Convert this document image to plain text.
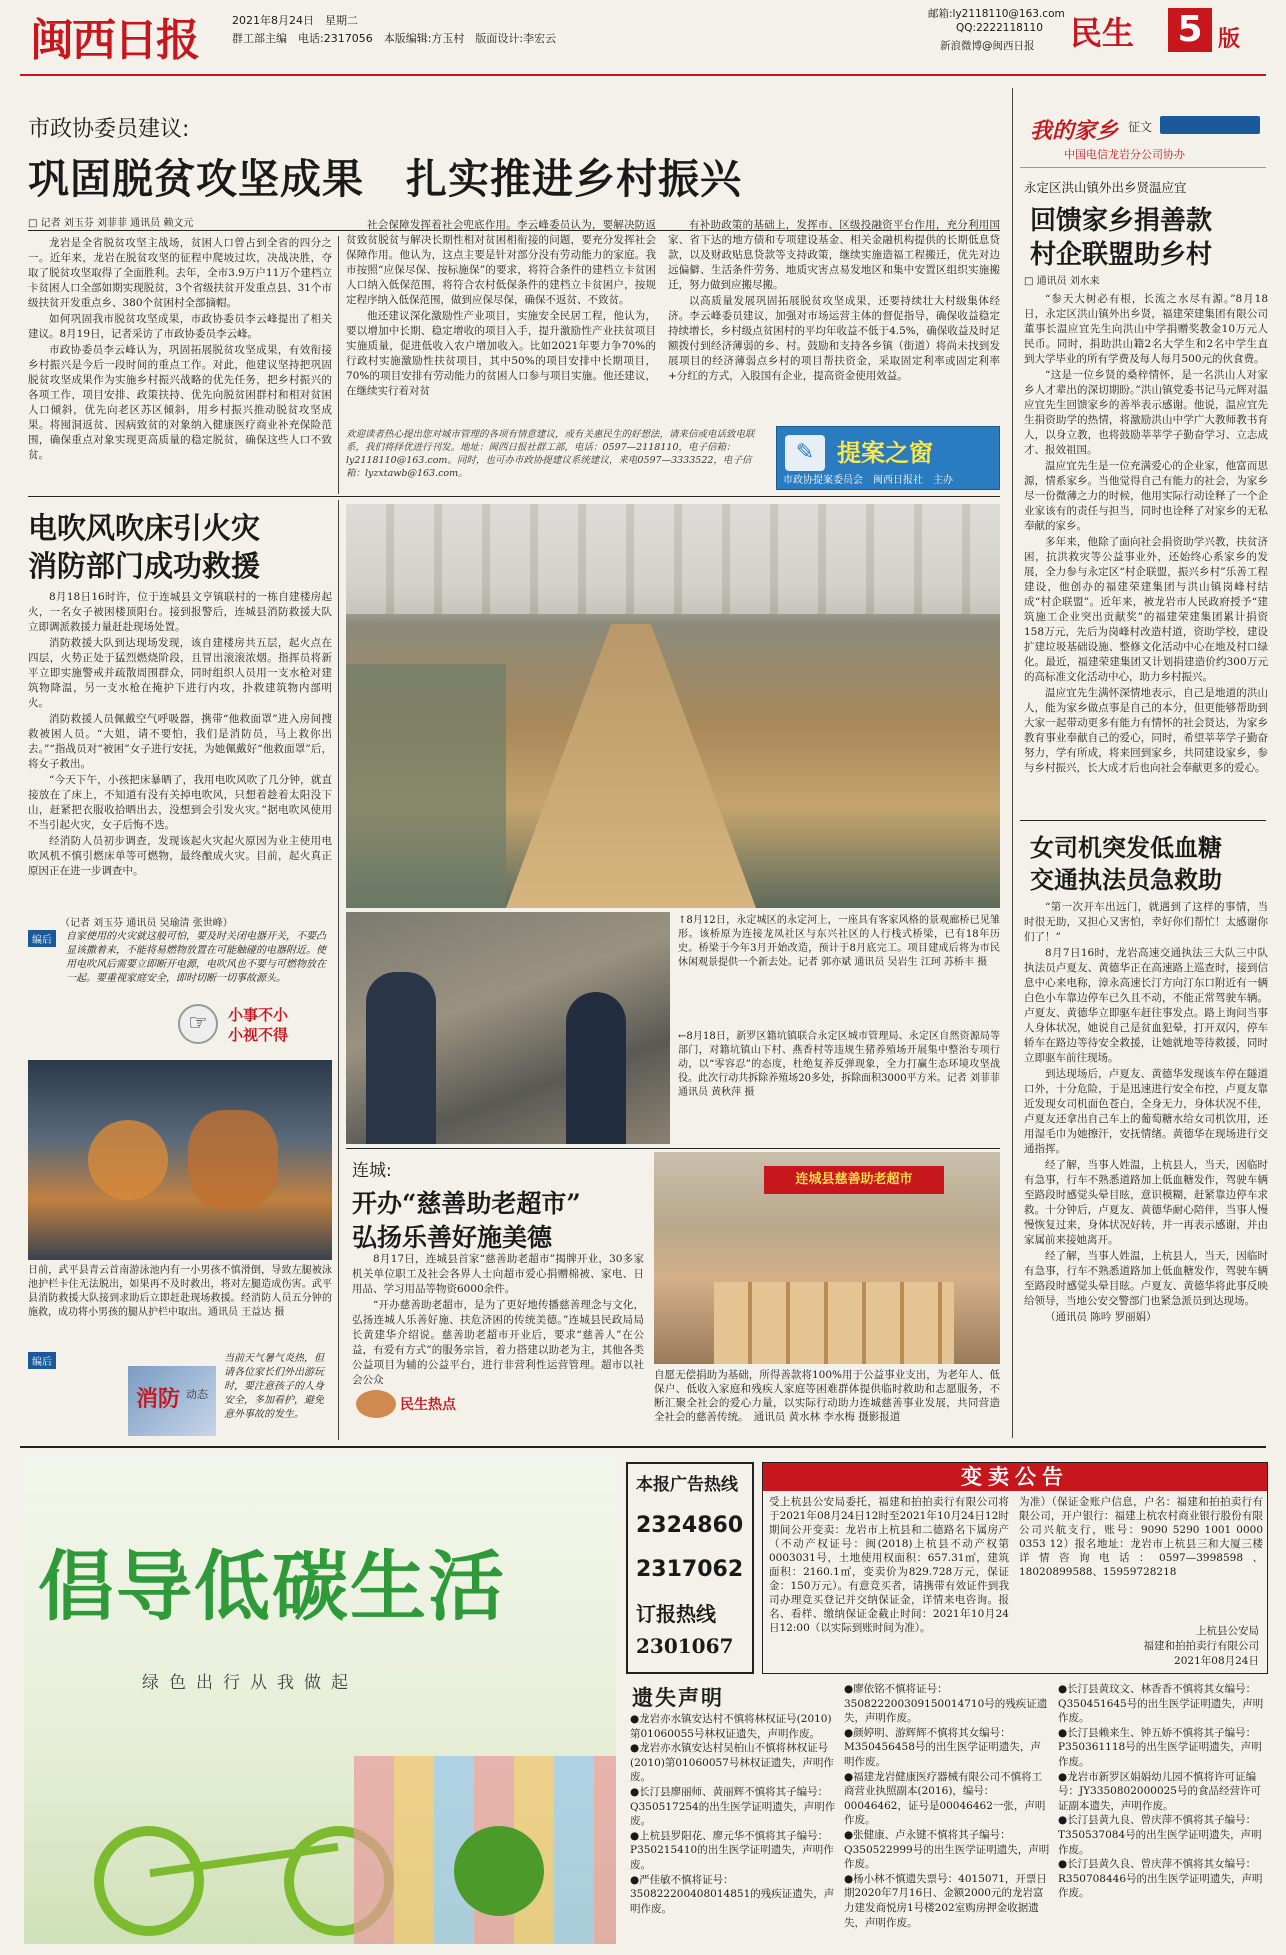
闽西日报	2021年8月24日　星期二
群工部主编　电话:2317056　本版编辑:方玉村　版面设计:李宏云
邮箱:ly2118110@163.com
QQ:2222118110
新浪微博@闽西日报 民生 5 版
市政协委员建议:
巩固脱贫攻坚成果　扎实推进乡村振兴
□ 记者 刘玉芬 刘菲菲 通讯员 赖文元

龙岩是全省脱贫攻坚主战场，贫困人口曾占到全省的四分之一。近年来，龙岩在脱贫攻坚的征程中爬坡过坎，决战决胜，夺取了脱贫攻坚取得了全面胜利。去年，全市3.9万户11万个建档立卡贫困人口全部如期实现脱贫，3个省级扶贫开发重点县、31个市级扶贫开发重点乡、380个贫困村全部摘帽。

如何巩固我市脱贫攻坚成果，市政协委员李云峰提出了相关建议。8月19日，记者采访了市政协委员李云峰。

市政协委员李云峰认为，巩固拓展脱贫攻坚成果，有效衔接乡村振兴是今后一段时间的重点工作。对此，他建议坚持把巩固脱贫攻坚成果作为实施乡村振兴战略的优先任务，把乡村振兴的各项工作，项目安排、政策扶持、优先向脱贫困群村和相对贫困人口倾斜，优先向老区苏区倾斜，用乡村振兴推动脱贫攻坚成果。将囤洞返贫、因病致贫的对象纳入健康医疗商业补充保险范围，确保重点对象实现更高质量的稳定脱贫，确保这些人口不致贫。

社会保障发挥着社会兜底作用。李云峰委员认为，要解决防返贫致贫脱贫与解决长期性相对贫困相衔接的问题，要充分发挥社会保障作用。他认为，这点主要是针对部分没有劳动能力的家庭。我市按照“应保尽保、按标施保”的要求，将符合条件的建档立卡贫困人口纳入低保范围，将符合农村低保条件的建档立卡贫困户，按规定程序纳入低保范围，做到应保尽保，确保不返贫、不致贫。

他还建议深化激励性产业项目，实施安全民居工程，他认为，要以增加中长期、稳定增收的项目入手，提升激励性产业扶贫项目实施质量，促进低收入农户增加收入。比如2021年要力争70%的行政村实施激励性扶贫项目，其中50%的项目安排中长期项目，70%的项目安排有劳动能力的贫困人口参与项目实施。他还建议，在继续实行着对贫

有补助政策的基础上，发挥市、区级投融资平台作用，充分利用国家、省下达的地方债和专项建设基金、相关金融机构提供的长期低息贷款，以及财政贴息贷款等支持政策，继续实施造福工程搬迁，优先对边远偏僻、生活条件劳务、地质灾害点易发地区和集中安置区组织实施搬迁，努力做到应搬尽搬。

以高质量发展巩固拓展脱贫攻坚成果，还要持续壮大村级集体经济。李云峰委员建议，加强对市场运营主体的督促指导，确保收益稳定持续增长，乡村级点贫困村的平均年收益不低于4.5%，确保收益及时足额拨付到经济薄弱的乡、村。鼓励和支持各乡镇（街道）将尚未找到发展项目的经济薄弱点乡村的项目帮扶资金，采取固定利率或固定利率+分红的方式，入股国有企业，提高资金使用效益。

欢迎读者热心提出您对城市管理的各项有情意建议，或有关惠民生的好想法，请来信或电话致电联系，我们将择优进行刊发。地址：闽西日报社群工部，电话：0597—2118110，电子信箱：ly2118110@163.com。同时，也可办市政协提建议系统建议，来电0597—3333522，电子信箱：lyzxtawb@163.com。
✎ 提案之窗
市政协提案委员会　闽西日报社　主办
电吹风吹床引火灾
消防部门成功救援

8月18日16时许，位于连城县文亨镇联村的一栋自建楼房起火，一名女子被困楼顶阳台。接到报警后，连城县消防救援大队立即调派救援力量赶赴现场处置。

消防救援大队到达现场发现，该自建楼房共五层，起火点在四层，火势正处于猛烈燃烧阶段，且冒出滚滚浓烟。指挥员将新平立即实施警戒并疏散周围群众，同时组织人员用一支水枪对建筑物降温，另一支水枪在掩护下进行内攻，扑救建筑物内部明火。

消防救援人员佩戴空气呼吸器，携带“他救面罩”进入房间搜救被困人员。“大姐，请不要怕，我们是消防员，马上救你出去。”“指战员对“被困”女子进行安抚，为她佩戴好“他救面罩”后，将女子救出。

“今天下午，小孩把床暴晒了，我用电吹风吹了几分钟，就直接放在了床上，不知道有没有关掉电吹风，只想着趁着太阳没下山，赶紧把衣服收拾晒出去，没想到会引发火灾。”据电吹风使用不当引起火灾，女子后悔不迭。

经消防人员初步调查，发现该起火灾起火原因为业主使用电吹风机不慎引燃床单等可燃物，最终酿成火灾。目前，起火真正原因正在进一步调查中。

（记者 刘玉芬 通讯员 吴瑜清 张世峰）
编后	自家使用的火灾就这般可怕，要及时关闭电器开关，不要凸显该撒着来，不能将易燃物放置在可能触碰的电器附近。使用电吹风后需要立即断开电源，电吹风也不要与可燃物放在一起。要重视家庭安全，即时切断一切事故源头。
☞	小事不小
小视不得
日前，武平县青云首南游泳池内有一小男孩不慎滑倒，导致左腿被泳池护栏卡住无法脱出，如果再不及时救出，将对左腿造成伤害。武平县消防救援大队接到求助后立即赶赴现场救援。经消防人员五分钟的施救，成功将小男孩的腿从护栏中取出。通讯员 王益达 摄
编后
消防 动态
当前天气暑气炎热，但请各位家长们外出游玩时，要注意孩子的人身安全，多加看护，避免意外事故的发生。
↑8月12日，永定城区的永定河上，一座具有客家风格的景观廊桥已见雏形。该桥原为连接龙凤社区与东兴社区的人行栈式桥梁，已有18年历史。桥梁于今年3月开始改造，预计于8月底完工。项目建成后将为市民休闲观景提供一个新去处。记者 郭亦斌 通讯员 吴岩生 江珂 苏桥丰 摄
←8月18日，新罗区籍坑镇联合永定区城市管理局、永定区自然资源局等部门，对籍坑镇山下村、燕香村等违规生猪养殖场开展集中整治专项行动，以“零容忍”的态度，杜绝复养反弹现象，全力打赢生态环境攻坚战役。此次行动共拆除养殖场20多处，拆除面积3000平方米。记者 刘菲菲 通讯员 黄秋萍 摄
连城:
开办“慈善助老超市”
弘扬乐善好施美德

8月17日，连城县首家“慈善助老超市”揭牌开业，30多家机关单位职工及社会各界人士向超市爱心捐赠棉被、家电、日用品、学习用品等物资6000余件。

“开办慈善助老超市，是为了更好地传播慈善理念与文化，弘扬连城人乐善好施、扶危济困的传统美德。”连城县民政局局长黄建华介绍说。慈善助老超市开业后，要求“慈善人”在公益，有爱有方式”的服务宗旨，着力搭建以助老为主，其他各类公益项目为辅的公益平台，进行非营利性运营管理。超市以社会公众

民生热点
连城县慈善助老超市
自愿无偿捐助为基础，所得善款将100%用于公益事业支出，为老年人、低保户、低收入家庭和残疾人家庭等困难群体提供临时救助和志愿服务，不断汇聚全社会的爱心力量，以实际行动助力连城慈善事业发展，共同营造全社会的慈善传统。　通讯员 黄水林 李水梅 摄影报道
我的家乡 征文
中国电信龙岩分公司协办
永定区洪山镇外出乡贤温应宜
回馈家乡捐善款
村企联盟助乡村
□ 通讯员 刘水来

“参天大树必有根，长流之水尽有源。”8月18日，永定区洪山镇外出乡贤，福建荣建集团有限公司董事长温应宜先生向洪山中学捐赠奖教金10万元人民币。同时，捐助洪山籍2名大学生和2名中学生直到大学毕业的所有学费及每人每月500元的伙食费。

“这是一位乡贤的桑梓情怀，是一名洪山人对家乡人才辈出的深切期盼。”洪山镇党委书记马元辉对温应宜先生回馈家乡的善举表示感谢。他说，温应宜先生捐资助学的热情，将激励洪山中学广大教师教书育人，以身立教，也将鼓励莘莘学子勤奋学习、立志成才、报效祖国。

温应宜先生是一位充满爱心的企业家，他富而思源，情系家乡。当他觉得自己有能力的社会，为家乡尽一份微薄之力的时候，他用实际行动诠释了一个企业家该有的责任与担当，同时也诠释了对家乡的无私奉献的家乡。

多年来，他除了面向社会捐资助学兴教，扶贫济困，抗洪救灾等公益事业外，还始终心系家乡的发展，全力参与永定区“村企联盟，振兴乡村”乐善工程建设，他创办的福建荣建集团与洪山镇岗峰村结成“村企联盟”。近年来，被龙岩市人民政府授予“建筑施工企业突出贡献奖”的福建荣建集团累计捐资158万元，先后为岗峰村改造村道，资助学校，建设扩建垃圾基础设施、整修文化活动中心在地及村口绿化。最近，福建荣建集团又计划捐建造价约300万元的高标准文化活动中心，助力乡村振兴。

温应宜先生满怀深情地表示，自己是地道的洪山人，能为家乡做点事是自己的本分，但更能够帮助到大家一起带动更多有能力有情怀的社会贤达，为家乡教育事业奉献自己的爱心，同时，希望莘莘学子勤奋努力，学有所成，将来回到家乡，共同建设家乡，参与乡村振兴，长大成才后也向社会奉献更多的爱心。

女司机突发低血糖
交通执法员急救助

“第一次开车出远门，就遇到了这样的事情，当时很无助，又担心又害怕，幸好你们帮忙！太感谢你们了！”

8月7日16时，龙岩高速交通执法三大队三中队执法员卢夏友、黄德华正在高速路上巡查时，接到信息中心来电称，漳永高速长汀方向汀东口附近有一辆白色小车靠边停车已久且不动，不能正常驾驶车辆。卢夏友、黄德华立即驱车赶往事发点。路上询问当事人身体状况，她说自己是贫血犯晕，打开双闪，停车轿车在路边等待安全救援，让她就地等待救援，同时立即驱车前往现场。

到达现场后，卢夏友、黄德华发现该车停在隧道口外，十分危险，于是迅速进行安全布控，卢夏友靠近发现女司机面色苍白，全身无力，身体状况不佳，卢夏友还拿出自己车上的葡萄糖水给女司机饮用，还用湿毛巾为她擦汗，安抚情绪。黄德华在现场进行交通指挥。

经了解，当事人姓温，上杭县人，当天，因临时有急事，行车不熟悉道路加上低血糖发作，驾驶车辆至路段时感觉头晕目眩，意识模糊，赶紧靠边停车求救。十分钟后，卢夏友、黄德华耐心陪伴，当事人慢慢恢复过来，身体状况好转，并一再表示感谢，并由家属前来接她离开。

经了解，当事人姓温，上杭县人，当天，因临时有急事，行车不熟悉道路加上低血糖发作，驾驶车辆至路段时感觉头晕目眩。卢夏友、黄德华将此事反映给领导，当地公安交警部门也紧急派员到达现场。

（通讯员 陈吟 罗丽娟）

倡导低碳生活
绿色出行从我做起
本报广告热线
2324860 2317062
订报热线 2301067
变卖公告
受上杭县公安局委托，福建和拍拍卖行有限公司将于2021年08月24日12时至2021年10月24日12时期间公开变卖：龙岩市上杭县和二德路名下属房产（不动产权证号：闽(2018)上杭县不动产权第0003031号，土地使用权面积：657.31㎡，建筑面积：2160.1㎡，变卖价为829.728万元，保证金：150万元）。有意竞买者，请携带有效证件到我司办理竞买登记并交纳保证金，详情来电咨询。报名、看样、缴纳保证金截止时间：2021年10月24日12:00（以实际到账时间为准）。
为准）（保证金账户信息，户名：福建和拍拍卖行有限公司，开户银行：福建上杭农村商业银行股份有限公司兴航支行，账号：9090 5290 1001 0000 0353 12）报名地址：龙岩市上杭县三和大厦三楼　详情咨询电话：0597—3998598、18020899588、15959728218
上杭县公安局
福建和拍拍卖行有限公司
2021年08月24日
遗失声明
●龙岩亦水镇安达村不慎将林权证号(2010)第01060055号林权证遗失，声明作废。
●龙岩亦水镇安达村吴柏山不慎将林权证号(2010)第01060057号林权证遗失，声明作废。
●长汀县廖丽师、黄丽辉不慎将其子编号：Q350517254的出生医学证明遗失，声明作废。
●上杭县罗阳花、廖元华不慎将其子编号：P350215410的出生医学证明遗失，声明作废。
●严佳敏不慎将证号：350822200408014851的残疾证遗失，声明作废。
●廖依铭不慎将证号：350822200309150014710号的残疾证遗失，声明作废。
●颜婷明、游辉辉不慎将其女编号：M350456458号的出生医学证明遗失，声明作废。
●福建龙岩健康医疗器械有限公司不慎将工商营业执照副本(2016)，编号：00046462，证号是00046462一张，声明作废。
●张健康、卢永键不慎将其子编号：Q350522999号的出生医学证明遗失，声明作废。
●杨小林不慎遗失票号：4015071，开票日期2020年7月16日、金额2000元的龙岩富力建发商悦房1号楼202室购房押金收据遗失，声明作废。
●长汀县黄玟文、林香香不慎将其女编号：Q350451645号的出生医学证明遗失，声明作废。
●长汀县赖来生、钟五娇不慎将其子编号：P350361118号的出生医学证明遗失，声明作废。
●龙岩市新罗区娟娟幼儿园不慎将许可证编号：JY3350802000025号的食品经营许可证副本遗失，声明作废。
●长汀县黄九良、曾庆萍不慎将其子编号：T350537084号的出生医学证明遗失，声明作废。
●长汀县黄久良、曾庆萍不慎将其女编号：R350708446号的出生医学证明遗失，声明作废。
